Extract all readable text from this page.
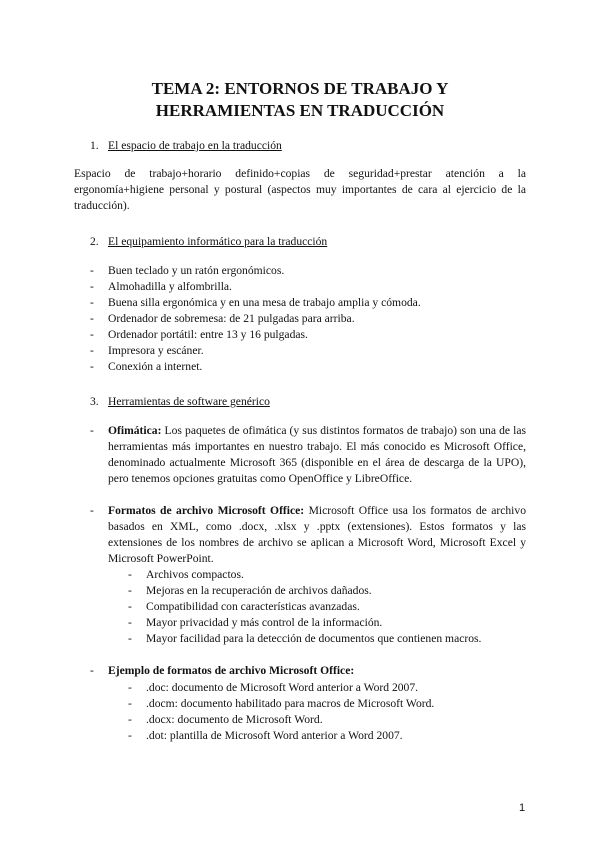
TEMA 2: ENTORNOS DE TRABAJO Y
HERRAMIENTAS EN TRADUCCIÓN
1. El espacio de trabajo en la traducción
Espacio de trabajo+horario definido+copias de seguridad+prestar atención a la ergonomía+higiene personal y postural (aspectos muy importantes de cara al ejercicio de la traducción).
2. El equipamiento informático para la traducción
- Buen teclado y un ratón ergonómicos.
- Almohadilla y alfombrilla.
- Buena silla ergonómica y en una mesa de trabajo amplia y cómoda.
- Ordenador de sobremesa: de 21 pulgadas para arriba.
- Ordenador portátil: entre 13 y 16 pulgadas.
- Impresora y escáner.
- Conexión a internet.
3. Herramientas de software genérico
- Ofimática: Los paquetes de ofimática (y sus distintos formatos de trabajo) son una de las herramientas más importantes en nuestro trabajo. El más conocido es Microsoft Office, denominado actualmente Microsoft 365 (disponible en el área de descarga de la UPO), pero tenemos opciones gratuitas como OpenOffice y LibreOffice.
- Formatos de archivo Microsoft Office: Microsoft Office usa los formatos de archivo basados en XML, como .docx, .xlsx y .pptx (extensiones). Estos formatos y las extensiones de los nombres de archivo se aplican a Microsoft Word, Microsoft Excel y Microsoft PowerPoint.
- Archivos compactos.
- Mejoras en la recuperación de archivos dañados.
- Compatibilidad con características avanzadas.
- Mayor privacidad y más control de la información.
- Mayor facilidad para la detección de documentos que contienen macros.
- Ejemplo de formatos de archivo Microsoft Office:
- .doc: documento de Microsoft Word anterior a Word 2007.
- .docm: documento habilitado para macros de Microsoft Word.
- .docx: documento de Microsoft Word.
- .dot: plantilla de Microsoft Word anterior a Word 2007.
1
